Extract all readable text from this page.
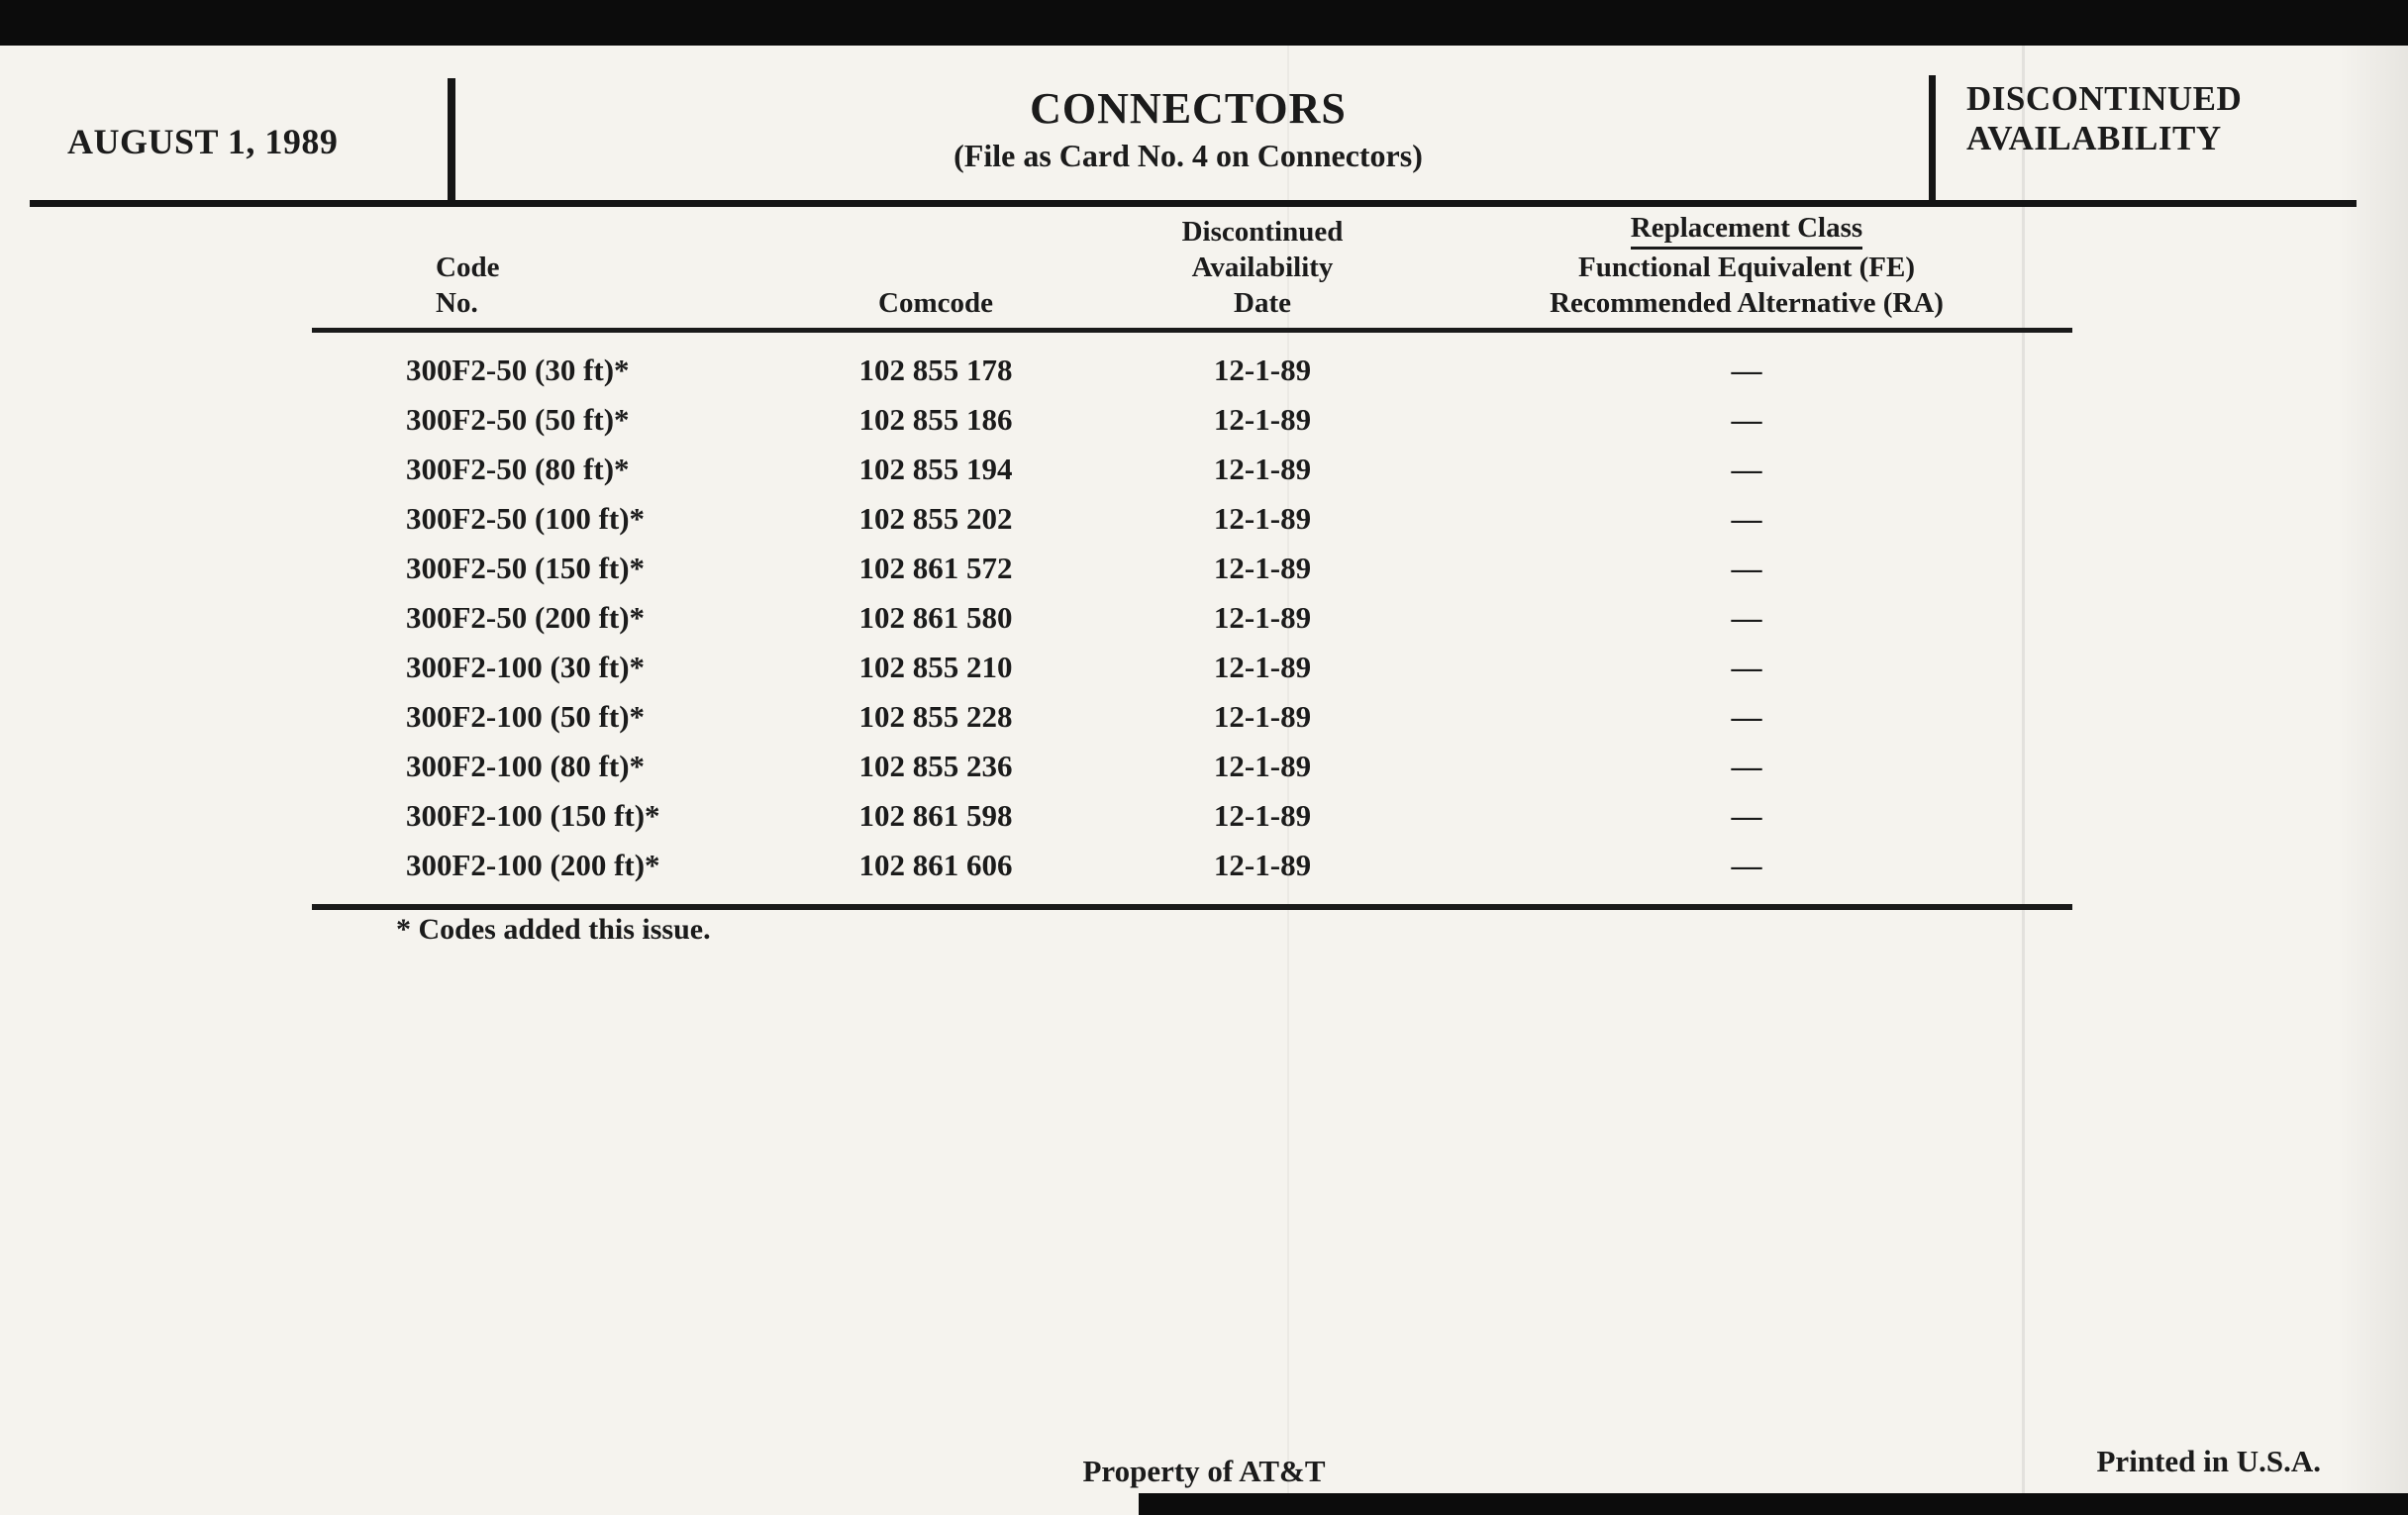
AUGUST 1, 1989
CONNECTORS
(File as Card No. 4 on Connectors)
DISCONTINUED
AVAILABILITY
Code
No.	Comcode

Discontinued
Availability
Date

Replacement Class
Functional Equivalent (FE)
Recommended Alternative (RA)

300F2-50 (30 ft)*	102 855 178	12-1-89	—
300F2-50 (50 ft)*	102 855 186	12-1-89	—
300F2-50 (80 ft)*	102 855 194	12-1-89	—
300F2-50 (100 ft)*	102 855 202	12-1-89	—
300F2-50 (150 ft)*	102 861 572	12-1-89	—
300F2-50 (200 ft)*	102 861 580	12-1-89	—
300F2-100 (30 ft)*	102 855 210	12-1-89	—
300F2-100 (50 ft)*	102 855 228	12-1-89	—
300F2-100 (80 ft)*	102 855 236	12-1-89	—
300F2-100 (150 ft)*	102 861 598	12-1-89	—
300F2-100 (200 ft)*	102 861 606	12-1-89	—
* Codes added this issue.
Property of AT&T	Printed in U.S.A.
